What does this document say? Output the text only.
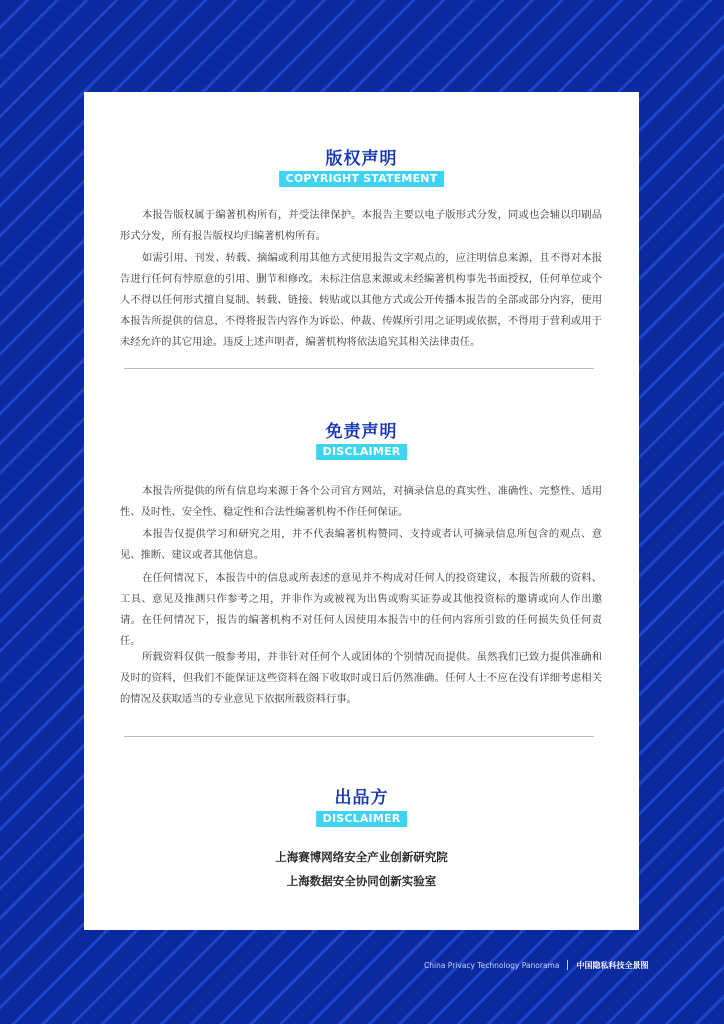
版权声明
COPYRIGHT STATEMENT

本报告版权属于编著机构所有，并受法律保护。本报告主要以电子版形式分发，同或也会辅以印刷品形式分发，所有报告版权均归编著机构所有。

如需引用、刊发、转载、摘编或利用其他方式使用报告文字观点的，应注明信息来源，且不得对本报告进行任何有悖原意的引用、删节和修改。未标注信息来源或未经编著机构事先书面授权，任何单位或个人不得以任何形式擅自复制、转载、链接、转贴或以其他方式或公开传播本报告的全部或部分内容，使用本报告所提供的信息，不得将报告内容作为诉讼、仲裁、传媒所引用之证明或依据，不得用于营利或用于未经允许的其它用途。违反上述声明者，编著机构将依法追究其相关法律责任。

免责声明
DISCLAIMER

本报告所提供的所有信息均来源于各个公司官方网站，对摘录信息的真实性、准确性、完整性、适用性、及时性、安全性、稳定性和合法性编著机构不作任何保证。

本报告仅提供学习和研究之用，并不代表编著机构赞同、支持或者认可摘录信息所包含的观点、意见、推断、建议或者其他信息。

在任何情况下，本报告中的信息或所表述的意见并不构成对任何人的投资建议，本报告所载的资料、工具、意见及推测只作参考之用，并非作为或被视为出售或购买证券或其他投资标的邀请或向人作出邀请。在任何情况下，报告的编著机构不对任何人因使用本报告中的任何内容所引致的任何损失负任何责任。

所载资料仅供一般参考用，并非针对任何个人或团体的个别情况而提供。虽然我们已致力提供准确和及时的资料，但我们不能保证这些资料在阁下收取时或日后仍然准确。任何人士不应在没有详细考虑相关的情况及获取适当的专业意见下依据所载资料行事。

出品方
DISCLAIMER
上海赛博网络安全产业创新研究院
上海数据安全协同创新实验室
China Privacy Technology Panorama 中国隐私科技全景图
